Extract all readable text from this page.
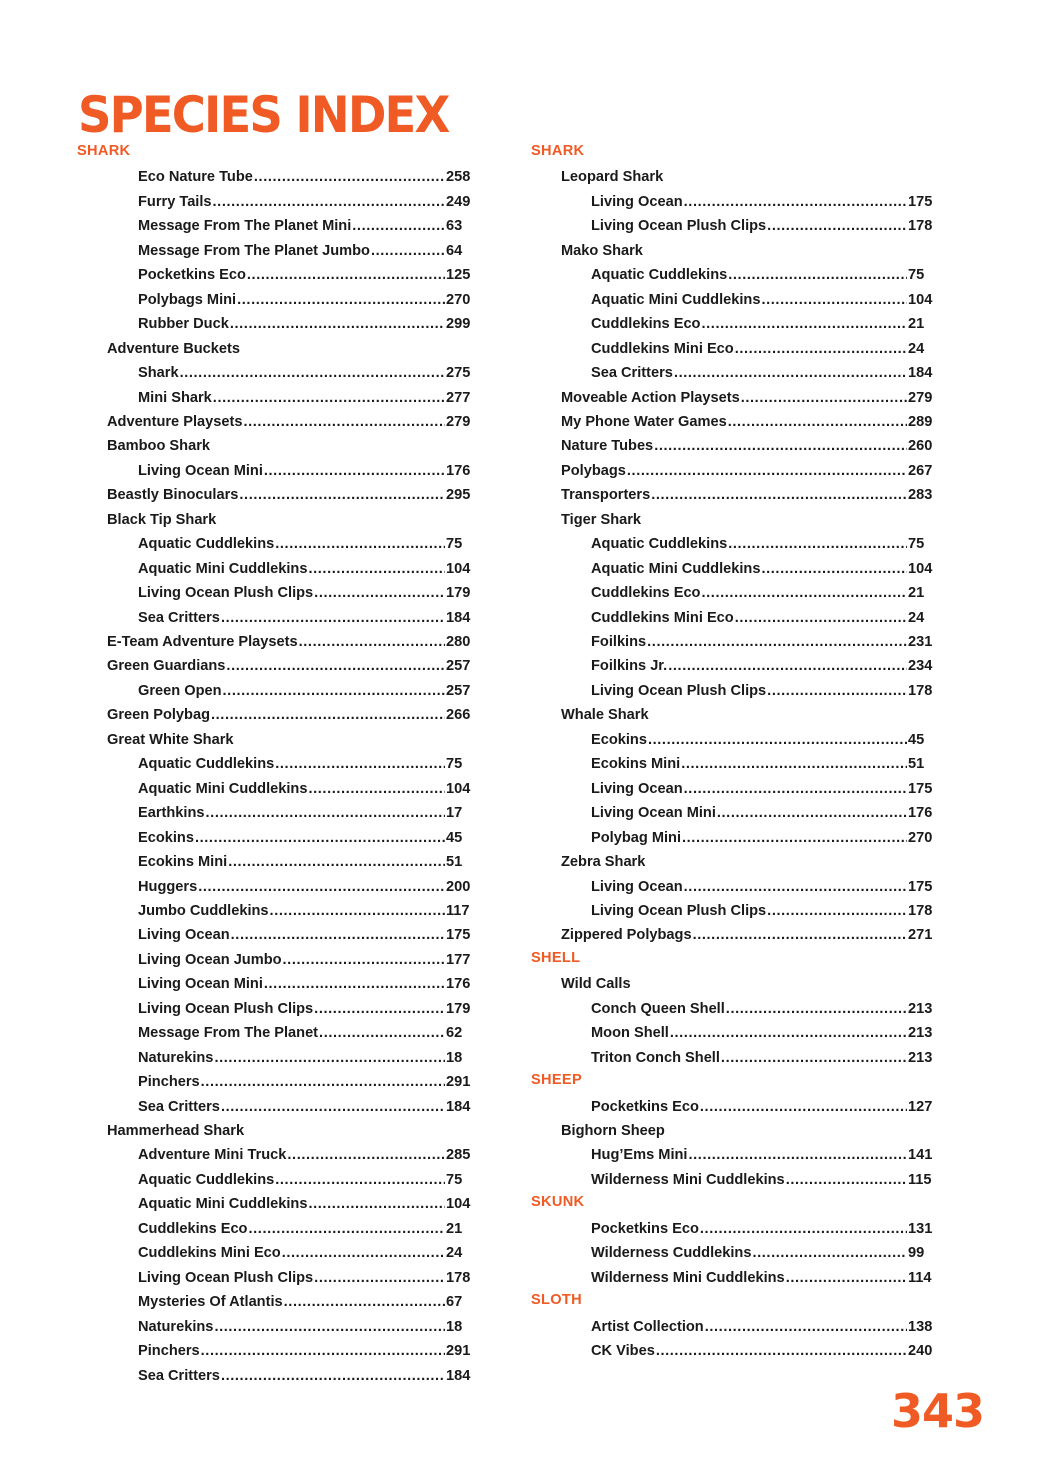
SPECIES INDEX
SHARK
Eco Nature Tube .....	258
Furry Tails .....	249
Message From The Planet Mini .....	63
Message From The Planet Jumbo .....	64
Pocketkins Eco .....	125
Polybags Mini .....	270
Rubber Duck .....	299
Adventure Buckets
Shark .....	275
Mini Shark .....	277
Adventure Playsets .....	279
Bamboo Shark
Living Ocean Mini .....	176
Beastly Binoculars .....	295
Black Tip Shark
Aquatic Cuddlekins .....	75
Aquatic Mini Cuddlekins .....	104
Living Ocean Plush Clips .....	179
Sea Critters .....	184
E-Team Adventure Playsets .....	280
Green Guardians .....	257
Green Open .....	257
Green Polybag .....	266
Great White Shark
Aquatic Cuddlekins .....	75
Aquatic Mini Cuddlekins .....	104
Earthkins .....	17
Ecokins .....	45
Ecokins Mini .....	51
Huggers .....	200
Jumbo Cuddlekins .....	117
Living Ocean .....	175
Living Ocean Jumbo .....	177
Living Ocean Mini .....	176
Living Ocean Plush Clips .....	179
Message From The Planet .....	62
Naturekins .....	18
Pinchers .....	291
Sea Critters .....	184
Hammerhead Shark
Adventure Mini Truck .....	285
Aquatic Cuddlekins .....	75
Aquatic Mini Cuddlekins .....	104
Cuddlekins Eco .....	21
Cuddlekins Mini Eco .....	24
Living Ocean Plush Clips .....	178
Mysteries Of Atlantis .....	67
Naturekins .....	18
Pinchers .....	291
Sea Critters .....	184
SHARK
Leopard Shark
Living Ocean .....	175
Living Ocean Plush Clips .....	178
Mako Shark
Aquatic Cuddlekins .....	75
Aquatic Mini Cuddlekins .....	104
Cuddlekins Eco .....	21
Cuddlekins Mini Eco .....	24
Sea Critters .....	184
Moveable Action Playsets .....	279
My Phone Water Games .....	289
Nature Tubes .....	260
Polybags .....	267
Transporters .....	283
Tiger Shark
Aquatic Cuddlekins .....	75
Aquatic Mini Cuddlekins .....	104
Cuddlekins Eco .....	21
Cuddlekins Mini Eco .....	24
Foilkins .....	231
Foilkins Jr. .....	234
Living Ocean Plush Clips .....	178
Whale Shark
Ecokins .....	45
Ecokins Mini .....	51
Living Ocean .....	175
Living Ocean Mini .....	176
Polybag Mini .....	270
Zebra Shark
Living Ocean .....	175
Living Ocean Plush Clips .....	178
Zippered Polybags .....	271
SHELL
Wild Calls
Conch Queen Shell .....	213
Moon Shell .....	213
Triton Conch Shell .....	213
SHEEP
Pocketkins Eco .....	127
Bighorn Sheep
Hug’Ems Mini .....	141
Wilderness Mini Cuddlekins .....	115
SKUNK
Pocketkins Eco .....	131
Wilderness Cuddlekins .....	99
Wilderness Mini Cuddlekins .....	114
SLOTH
Artist Collection .....	138
CK Vibes .....	240
343
